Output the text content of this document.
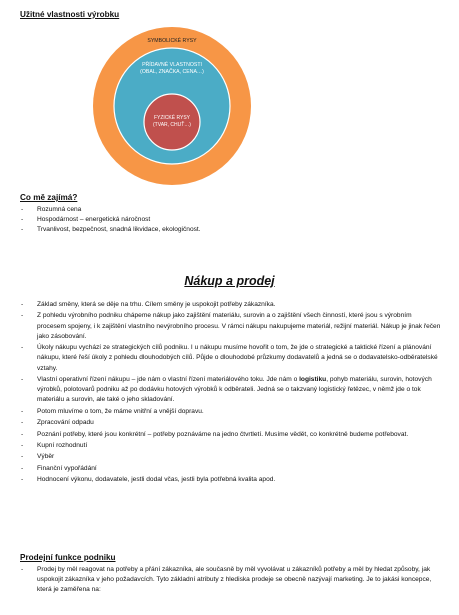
Užitné vlastnosti výrobku
SYMBOLICKÉ RYSY
PŘÍDAVNÉ VLASTNOSTI
(OBAL, ZNAČKA, CENA…)
FYZICKÉ RYSY
(TVAR, CHUŤ…)
Co mě zajímá?
- Rozumná cena
- Hospodárnost – energetická náročnost
- Trvanlivost, bezpečnost, snadná likvidace, ekologičnost.
Nákup a prodej
- Základ směny, která se děje na trhu. Cílem směny je uspokojit potřeby zákazníka.
- Z pohledu výrobního podniku chápeme nákup jako zajištění materiálu, surovin a o zajištění všech činností, které jsou s výrobním procesem spojeny, i k zajištění vlastního nevýrobního procesu. V rámci nákupu nakupujeme materiál, režijní materiál. Nákup je jinak řečen jako zásobování.
- Úkoly nákupu vychází ze strategických cílů podniku. I u nákupu musíme hovořit o tom, že jde o strategické a taktické řízení a plánování nákupu, které řeší úkoly z pohledu dlouhodobých cílů. Půjde o dlouhodobé průzkumy dodavatelů a jedná se o dodavatelsko-odběratelské vztahy.
- Vlastní operativní řízení nákupu – jde nám o vlastní řízení materiálového toku. Jde nám o logistiku, pohyb materiálu, surovin, hotových výrobků, polotovarů podniku až po dodávku hotových výrobků k odběrateli. Jedná se o takzvaný logistický řetězec, v němž jde o tok materiálu a surovin, ale také o jeho skladování.
- Potom mluvíme o tom, že máme vnitřní a vnější dopravu.
- Zpracování odpadu
- Poznání potřeby, které jsou konkrétní – potřeby poznáváme na jedno čtvrtletí. Musíme vědět, co konkrétně budeme potřebovat.
- Kupní rozhodnutí
- Výběr
- Finanční vypořádání
- Hodnocení výkonu, dodavatele, jestli dodal včas, jestli byla potřebná kvalita apod.
Prodejní funkce podniku
- Prodej by měl reagovat na potřeby a přání zákazníka, ale současně by měl vyvolávat u zákazníků potřeby a měl by hledat způsoby, jak uspokojit zákazníka v jeho požadavcích. Tyto základní atributy z hlediska prodeje se obecně nazývají marketing. Je to jakási koncepce, která je zaměřena na:
